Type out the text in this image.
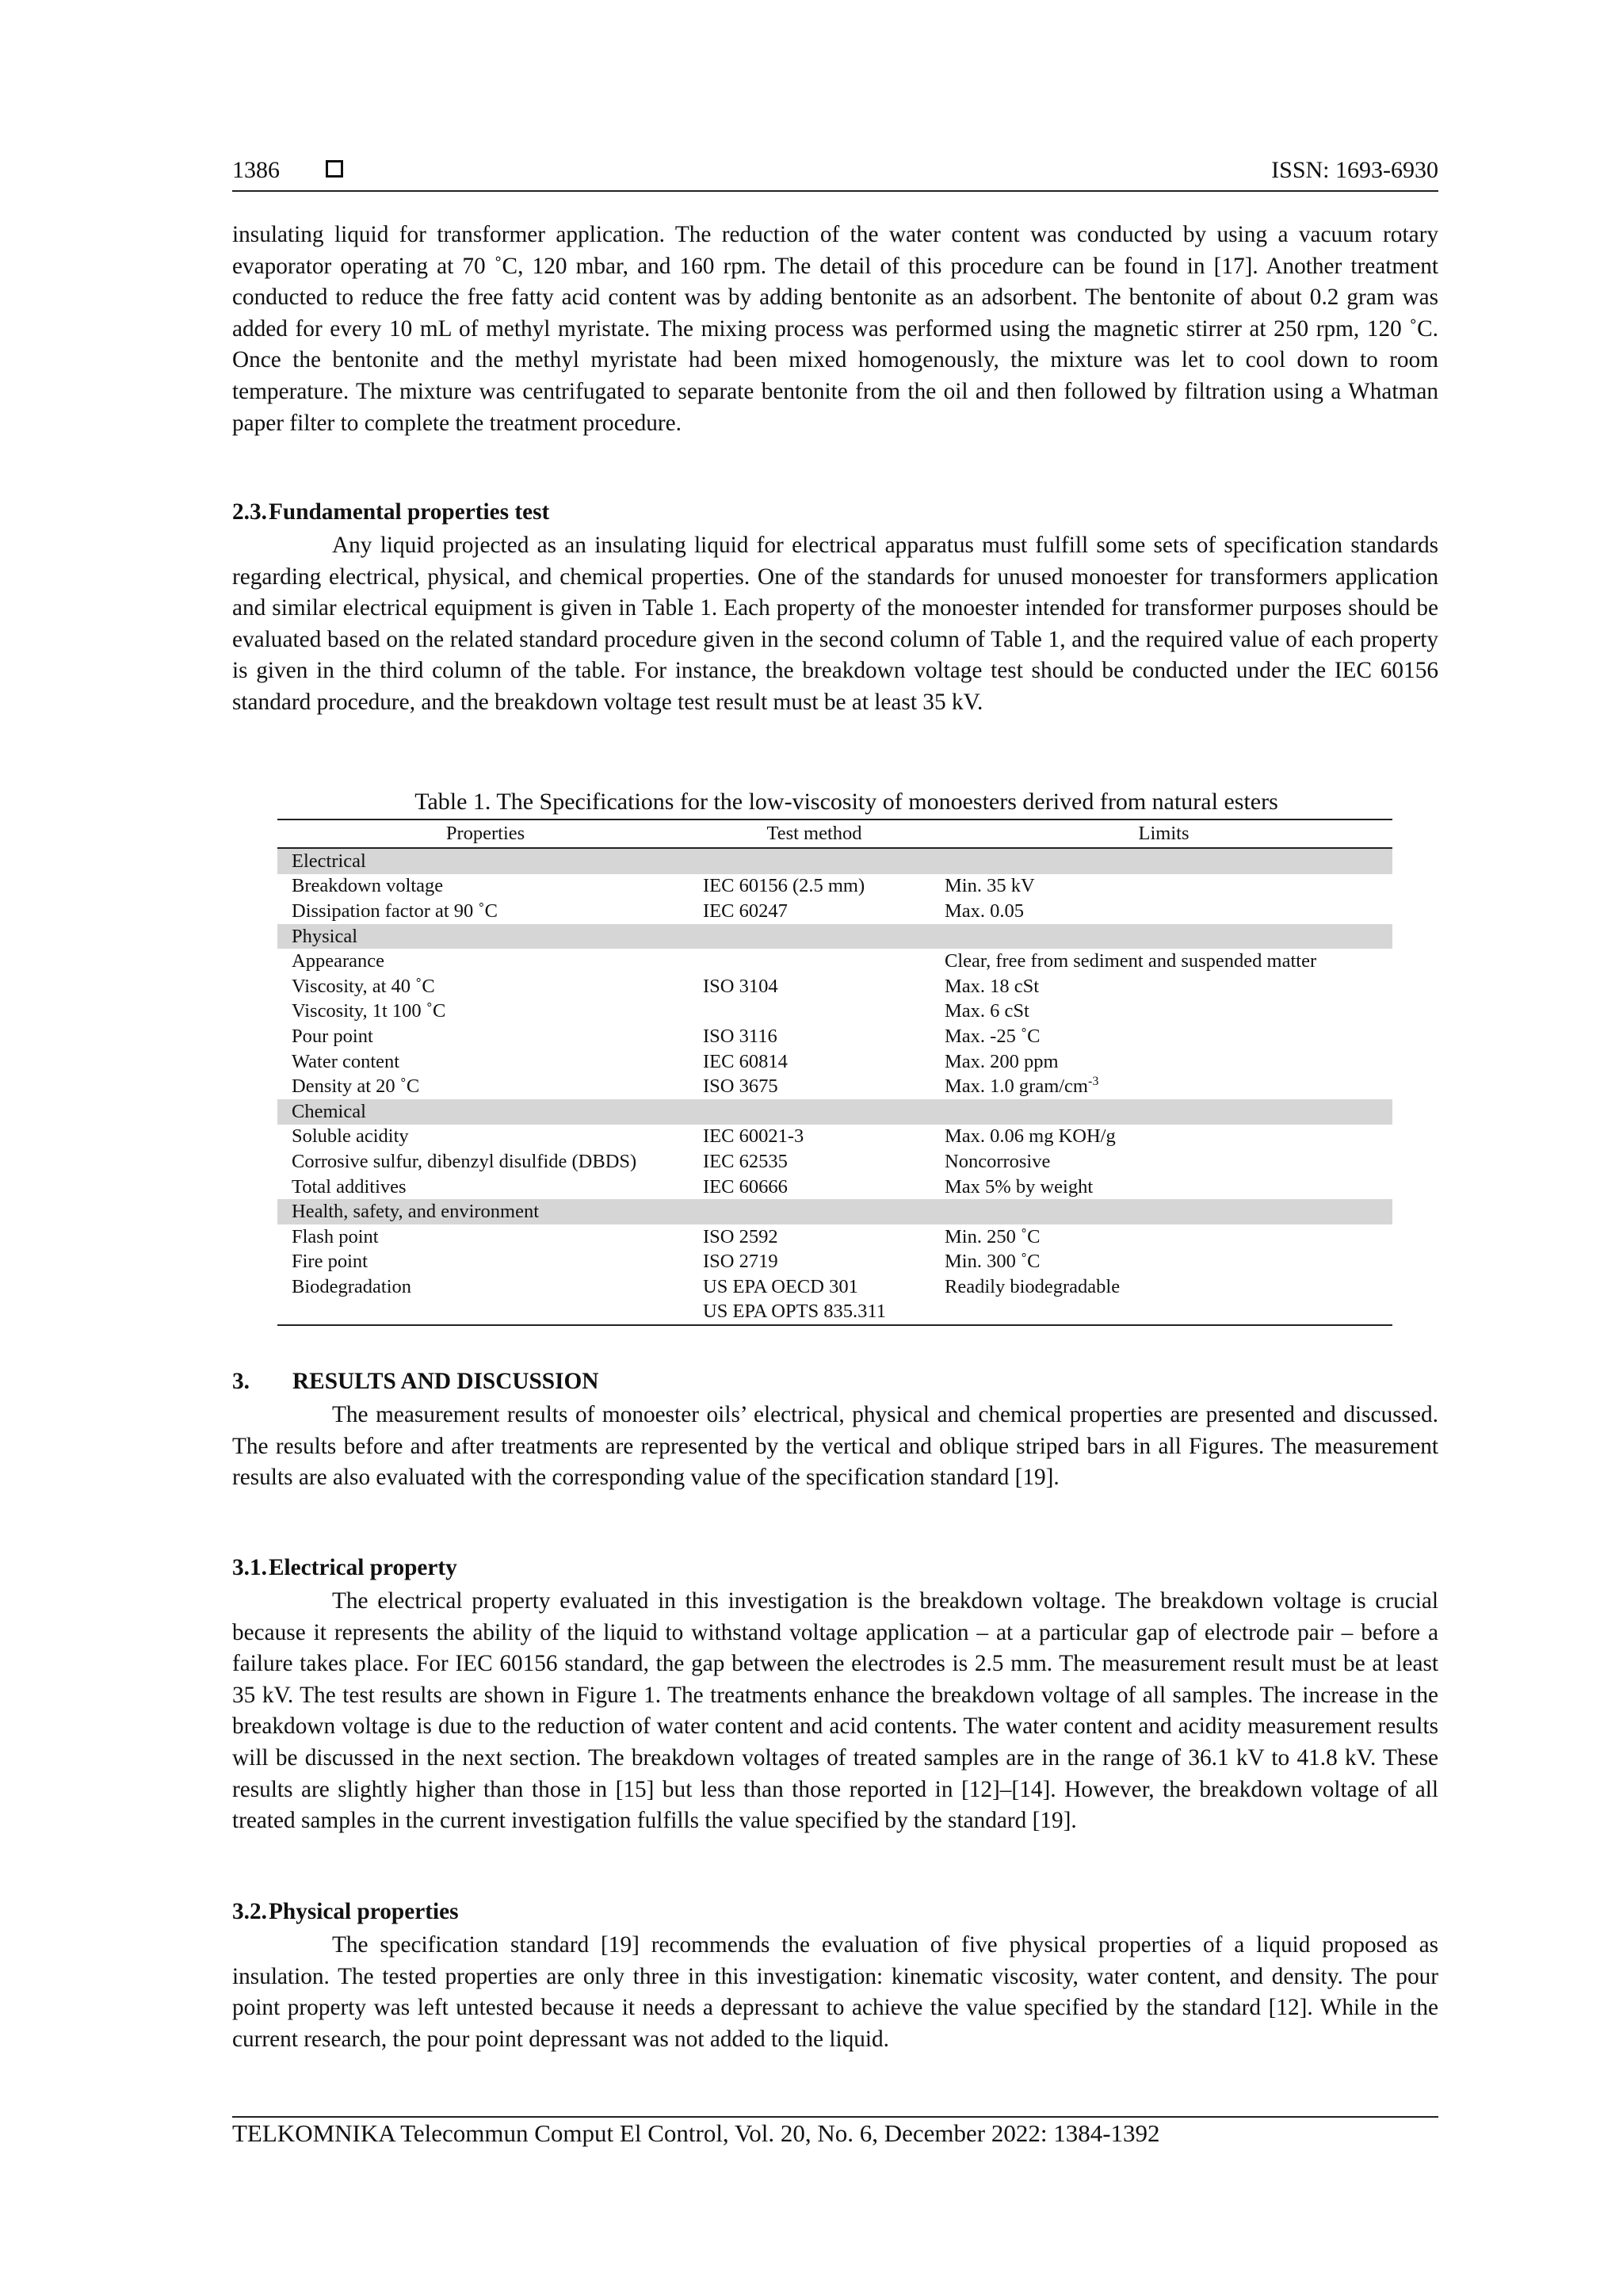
1386	ISSN: 1693-6930

insulating liquid for transformer application. The reduction of the water content was conducted by using a vacuum rotary evaporator operating at 70 ˚C, 120 mbar, and 160 rpm. The detail of this procedure can be found in [17]. Another treatment conducted to reduce the free fatty acid content was by adding bentonite as an adsorbent. The bentonite of about 0.2 gram was added for every 10 mL of methyl myristate. The mixing process was performed using the magnetic stirrer at 250 rpm, 120 ˚C. Once the bentonite and the methyl myristate had been mixed homogenously, the mixture was let to cool down to room temperature. The mixture was centrifugated to separate bentonite from the oil and then followed by filtration using a Whatman paper filter to complete the treatment procedure.

2.3.Fundamental properties test

Any liquid projected as an insulating liquid for electrical apparatus must fulfill some sets of specification standards regarding electrical, physical, and chemical properties. One of the standards for unused monoester for transformers application and similar electrical equipment is given in Table 1. Each property of the monoester intended for transformer purposes should be evaluated based on the related standard procedure given in the second column of Table 1, and the required value of each property is given in the third column of the table. For instance, the breakdown voltage test should be conducted under the IEC 60156 standard procedure, and the breakdown voltage test result must be at least 35 kV.

Table 1. The Specifications for the low-viscosity of monoesters derived from natural esters

Properties	Test method	Limits
Electrical		
Breakdown voltage	IEC 60156 (2.5 mm)	Min. 35 kV
Dissipation factor at 90 ˚C	IEC 60247	Max. 0.05
Physical		
Appearance		Clear, free from sediment and suspended matter
Viscosity, at 40 ˚C	ISO 3104	Max. 18 cSt
Viscosity, 1t 100 ˚C		Max. 6 cSt
Pour point	ISO 3116	Max. -25 ˚C
Water content	IEC 60814	Max. 200 ppm
Density at 20 ˚C	ISO 3675	Max. 1.0 gram/$cm^{-3}$
Chemical		
Soluble acidity	IEC 60021-3	Max. 0.06 mg KOH/g
Corrosive sulfur, dibenzyl disulfide (DBDS)	IEC 62535	Noncorrosive
Total additives	IEC 60666	Max 5% by weight
Health, safety, and environment		
Flash point	ISO 2592	Min. 250 ˚C
Fire point	ISO 2719	Min. 300 ˚C
Biodegradation	US EPA OECD 301	Readily biodegradable
	US EPA OPTS 835.311	
3. RESULTS AND DISCUSSION

The measurement results of monoester oils’ electrical, physical and chemical properties are presented and discussed. The results before and after treatments are represented by the vertical and oblique striped bars in all Figures. The measurement results are also evaluated with the corresponding value of the specification standard [19].

3.1.Electrical property

The electrical property evaluated in this investigation is the breakdown voltage. The breakdown voltage is crucial because it represents the ability of the liquid to withstand voltage application – at a particular gap of electrode pair – before a failure takes place. For IEC 60156 standard, the gap between the electrodes is 2.5 mm. The measurement result must be at least 35 kV. The test results are shown in Figure 1. The treatments enhance the breakdown voltage of all samples. The increase in the breakdown voltage is due to the reduction of water content and acid contents. The water content and acidity measurement results will be discussed in the next section. The breakdown voltages of treated samples are in the range of 36.1 kV to 41.8 kV. These results are slightly higher than those in [15] but less than those reported in [12]–[14]. However, the breakdown voltage of all treated samples in the current investigation fulfills the value specified by the standard [19].

3.2.Physical properties

The specification standard [19] recommends the evaluation of five physical properties of a liquid proposed as insulation. The tested properties are only three in this investigation: kinematic viscosity, water content, and density. The pour point property was left untested because it needs a depressant to achieve the value specified by the standard [12]. While in the current research, the pour point depressant was not added to the liquid.

TELKOMNIKA Telecommun Comput El Control, Vol. 20, No. 6, December 2022: 1384-1392
